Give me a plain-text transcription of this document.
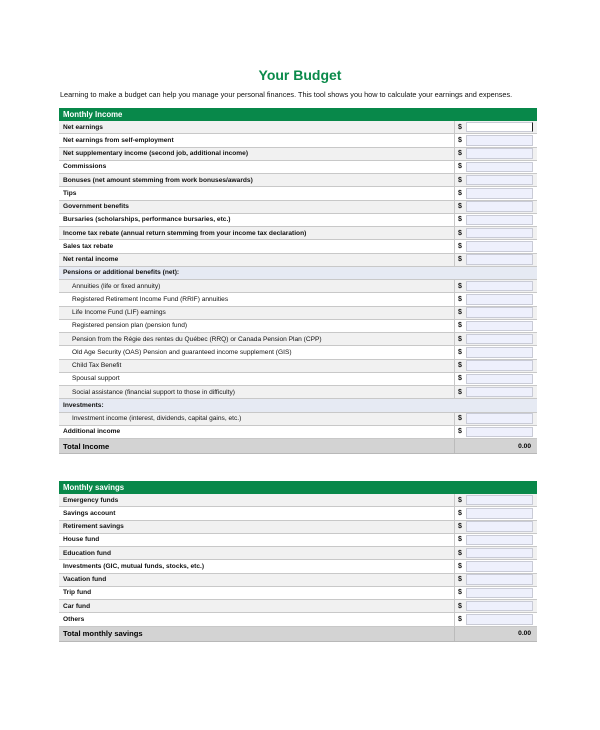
Your Budget
Learning to make a budget can help you manage your personal finances. This tool shows you how to calculate your earnings and expenses.
Monthly Income
Net earnings	$
Net earnings from self-employment	$
Net supplementary income (second job, additional income)	$
Commissions	$
Bonuses (net amount stemming from work bonuses/awards)	$
Tips	$
Government benefits	$
Bursaries (scholarships, performance bursaries, etc.)	$
Income tax rebate (annual return stemming from your income tax declaration)	$
Sales tax rebate	$
Net rental income	$
Pensions or additional benefits (net):
Annuities (life or fixed annuity)	$
Registered Retirement Income Fund (RRIF) annuities	$
Life Income Fund (LIF) earnings	$
Registered pension plan (pension fund)	$
Pension from the Régie des rentes du Québec (RRQ) or Canada Pension Plan (CPP)	$
Old Age Security (OAS) Pension and guaranteed income supplement (GIS)	$
Child Tax Benefit	$
Spousal support	$
Social assistance (financial support to those in difficulty)	$
Investments:
Investment income (interest, dividends, capital gains, etc.)	$
Additional income	$
Total Income	0.00
Monthly savings
Emergency funds	$
Savings account	$
Retirement savings	$
House fund	$
Education fund	$
Investments (GIC, mutual funds, stocks, etc.)	$
Vacation fund	$
Trip fund	$
Car fund	$
Others	$
Total monthly savings	0.00
